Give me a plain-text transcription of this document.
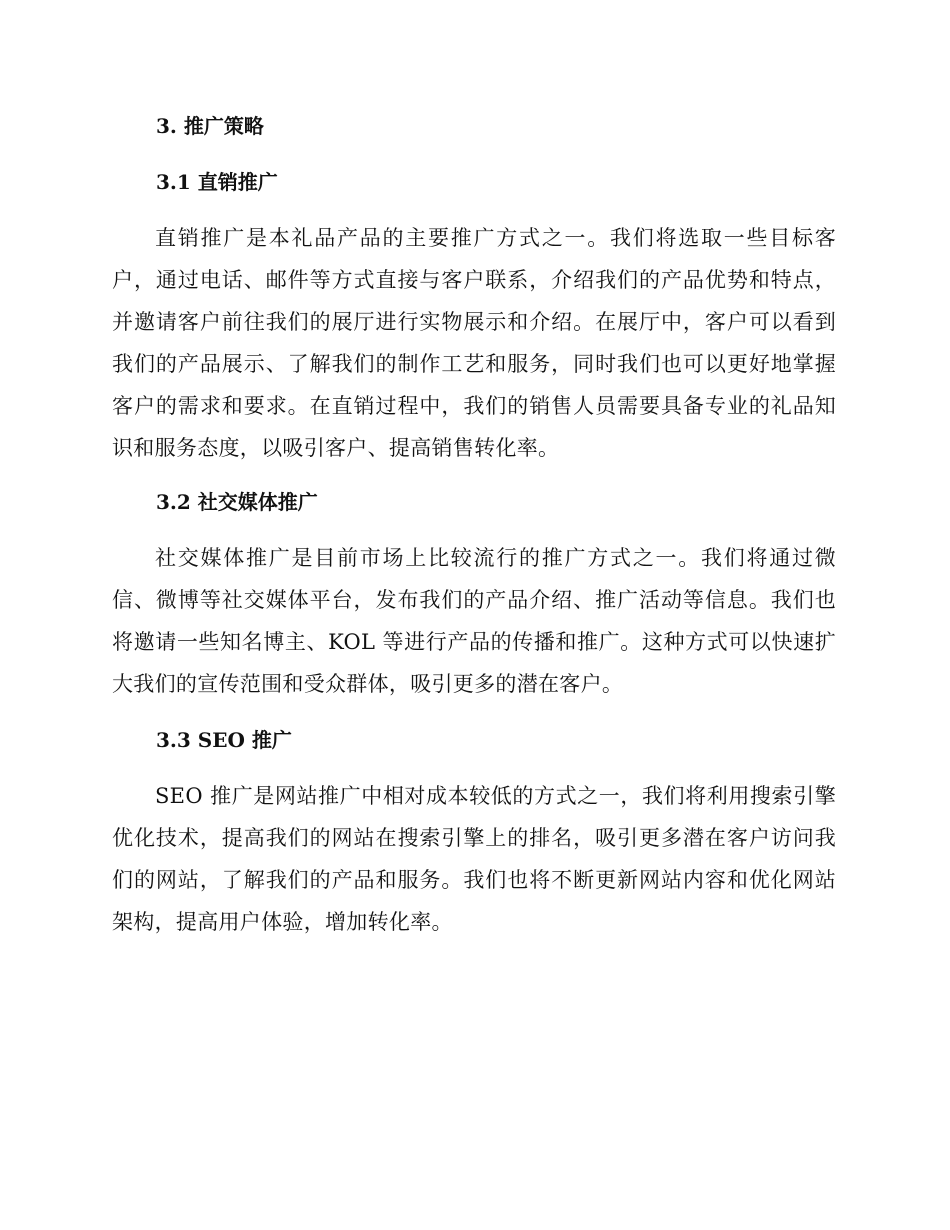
3. 推广策略
3.1 直销推广

直销推广是本礼品产品的主要推广方式之一。我们将选取一些目标客户，通过电话、邮件等方式直接与客户联系，介绍我们的产品优势和特点，并邀请客户前往我们的展厅进行实物展示和介绍。在展厅中，客户可以看到我们的产品展示、了解我们的制作工艺和服务，同时我们也可以更好地掌握客户的需求和要求。在直销过程中，我们的销售人员需要具备专业的礼品知识和服务态度，以吸引客户、提高销售转化率。

3.2 社交媒体推广

社交媒体推广是目前市场上比较流行的推广方式之一。我们将通过微信、微博等社交媒体平台，发布我们的产品介绍、推广活动等信息。我们也将邀请一些知名博主、KOL 等进行产品的传播和推广。这种方式可以快速扩大我们的宣传范围和受众群体，吸引更多的潜在客户。

3.3 SEO 推广

SEO 推广是网站推广中相对成本较低的方式之一，我们将利用搜索引擎优化技术，提高我们的网站在搜索引擎上的排名，吸引更多潜在客户访问我们的网站，了解我们的产品和服务。我们也将不断更新网站内容和优化网站架构，提高用户体验，增加转化率。
